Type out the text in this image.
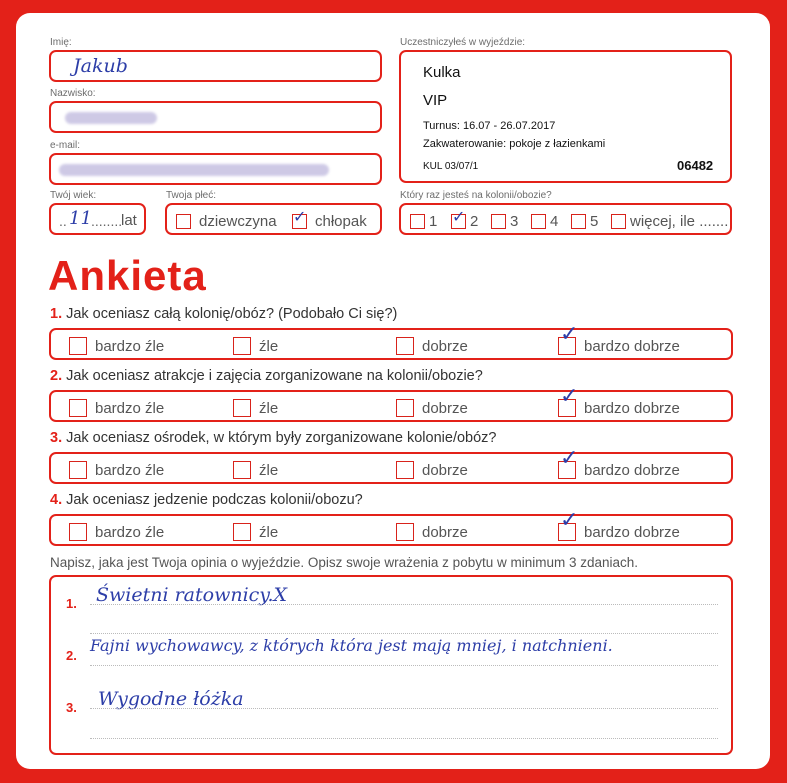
Imię:
Jakub
Nazwisko:
e-mail:
Twój wiek:
.. 11 ........
lat
Twoja płeć:
dziewczyna ✓ chłopak
Uczestniczyłeś w wyjeździe:
Kulka
VIP
Turnus: 16.07 - 26.07.2017
Zakwaterowanie: pokoje z łazienkami
KUL 03/07/1	06482
Który raz jesteś na kolonii/obozie?
1 ✓ 2	3	4	5	więcej, ile .......
Ankieta
1. Jak oceniasz całą kolonię/obóz? (Podobało Ci się?)
bardzo źle	źle	dobrze	✓ bardzo dobrze
2. Jak oceniasz atrakcje i zajęcia zorganizowane na kolonii/obozie?
bardzo źle	źle	dobrze	✓ bardzo dobrze
3. Jak oceniasz ośrodek, w którym były zorganizowane kolonie/obóz?
bardzo źle	źle	dobrze	✓ bardzo dobrze
4. Jak oceniasz jedzenie podczas kolonii/obozu?
bardzo źle	źle	dobrze	✓ bardzo dobrze
Napisz, jaka jest Twoja opinia o wyjeździe. Opisz swoje wrażenia z pobytu w minimum 3 zdaniach.
1. Świetni ratownicy.X
2.
Fajni wychowawcy, z których która jest mają mniej, i natchnieni.
3. Wygodne łóżka
